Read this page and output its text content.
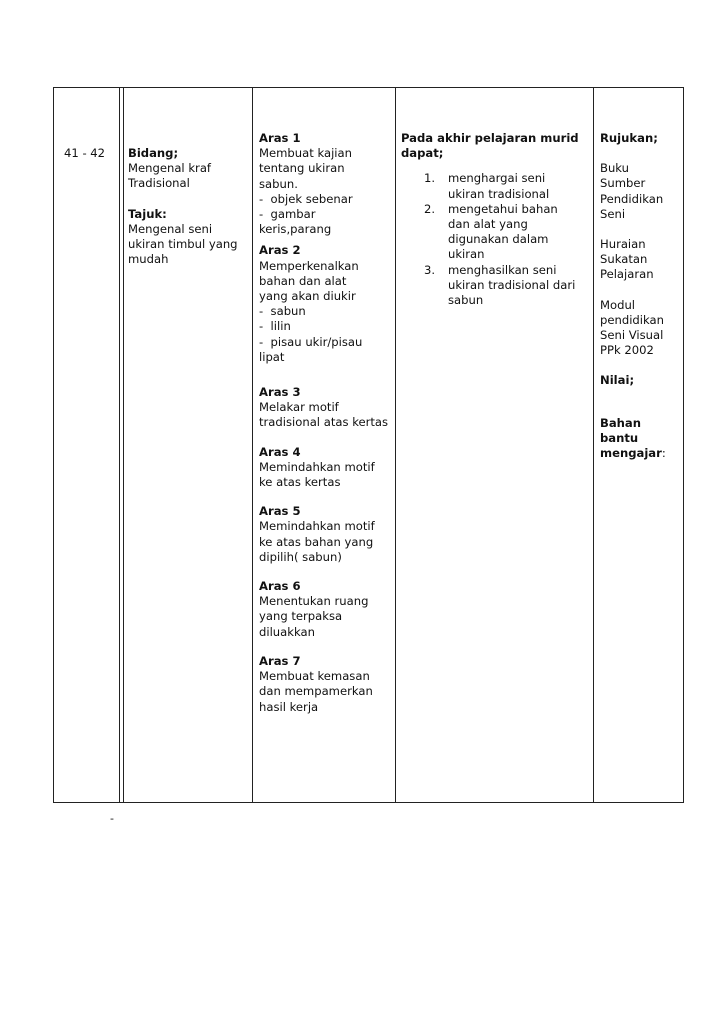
41 - 42 Bidang;
Mengenal kraf
Tradisional
Tajuk:
Mengenal seni
ukiran timbul yang
mudah
Aras 1
Membuat kajian
tentang ukiran
sabun.
-  objek sebenar
-  gambar
keris,parang
Aras 2
Memperkenalkan
bahan dan alat
yang akan diukir
-  sabun
-  lilin
-  pisau ukir/pisau
lipat
Aras 3
Melakar motif
tradisional atas kertas
Aras 4
Memindahkan motif
ke atas kertas
Aras 5
Memindahkan motif
ke atas bahan yang
dipilih( sabun)
Aras 6
Menentukan ruang
yang terpaksa
diluakkan
Aras 7
Membuat kemasan
dan mempamerkan
hasil kerja
Pada akhir pelajaran murid
dapat;
1. menghargai seni
ukiran tradisional
2. mengetahui bahan
dan alat yang
digunakan dalam
ukiran
3. menghasilkan seni
ukiran tradisional dari
sabun
Rujukan;
Buku
Sumber
Pendidikan
Seni
Huraian
Sukatan
Pelajaran
Modul
pendidikan
Seni Visual
PPk 2002
Nilai;
Bahan
bantu
mengajar:
-
